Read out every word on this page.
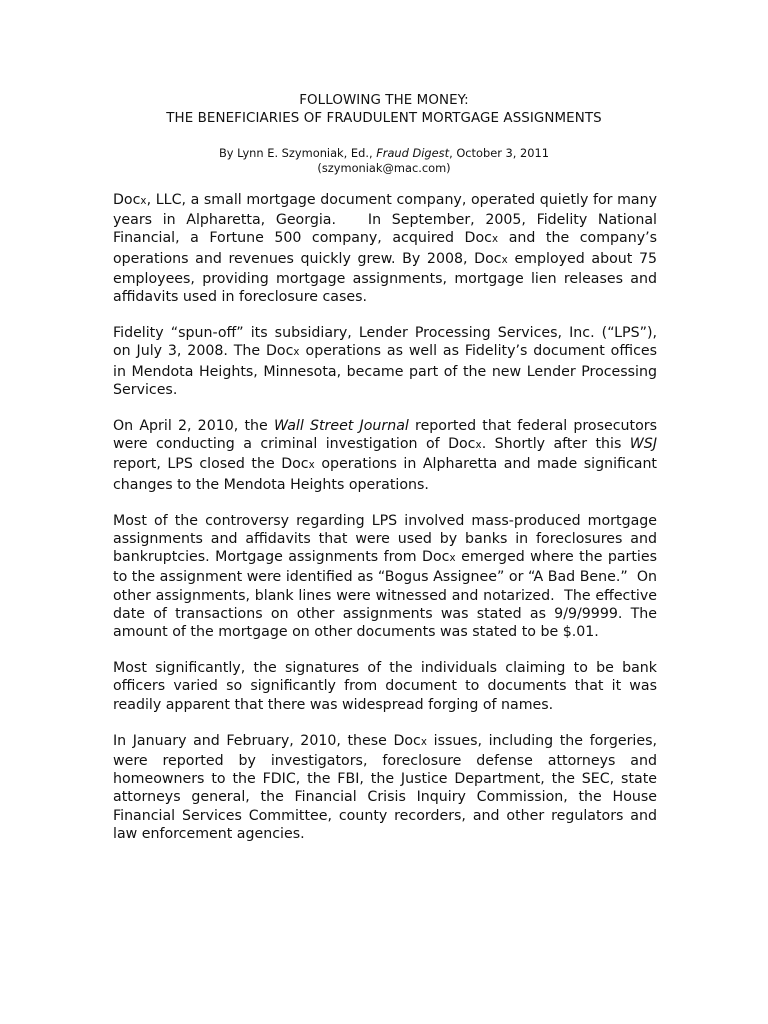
FOLLOWING THE MONEY:
THE BENEFICIARIES OF FRAUDULENT MORTGAGE ASSIGNMENTS
By Lynn E. Szymoniak, Ed., Fraud Digest, October 3, 2011
(szymoniak@mac.com)

Docx, LLC, a small mortgage document company, operated quietly for many years in Alpharetta, Georgia.   In September, 2005, Fidelity National Financial, a Fortune 500 company, acquired Docx and the company’s operations and revenues quickly grew. By 2008, Docx employed about 75 employees, providing mortgage assignments, mortgage lien releases and affidavits used in foreclosure cases.

Fidelity “spun-off” its subsidiary, Lender Processing Services, Inc. (“LPS”), on July 3, 2008. The Docx operations as well as Fidelity’s document offices in Mendota Heights, Minnesota, became part of the new Lender Processing Services.

On April 2, 2010, the Wall Street Journal reported that federal prosecutors were conducting a criminal investigation of Docx. Shortly after this WSJ report, LPS closed the Docx operations in Alpharetta and made significant changes to the Mendota Heights operations.

Most of the controversy regarding LPS involved mass-produced mortgage assignments and affidavits that were used by banks in foreclosures and bankruptcies. Mortgage assignments from Docx emerged where the parties to the assignment were identified as “Bogus Assignee” or “A Bad Bene.”  On other assignments, blank lines were witnessed and notarized.  The effective date of transactions on other assignments was stated as 9/9/9999. The amount of the mortgage on other documents was stated to be $.01.

Most significantly, the signatures of the individuals claiming to be bank officers varied so significantly from document to documents that it was readily apparent that there was widespread forging of names.

In January and February, 2010, these Docx issues, including the forgeries, were reported by investigators, foreclosure defense attorneys and homeowners to the FDIC, the FBI, the Justice Department, the SEC, state attorneys general, the Financial Crisis Inquiry Commission, the House Financial Services Committee, county recorders, and other regulators and law enforcement agencies.
